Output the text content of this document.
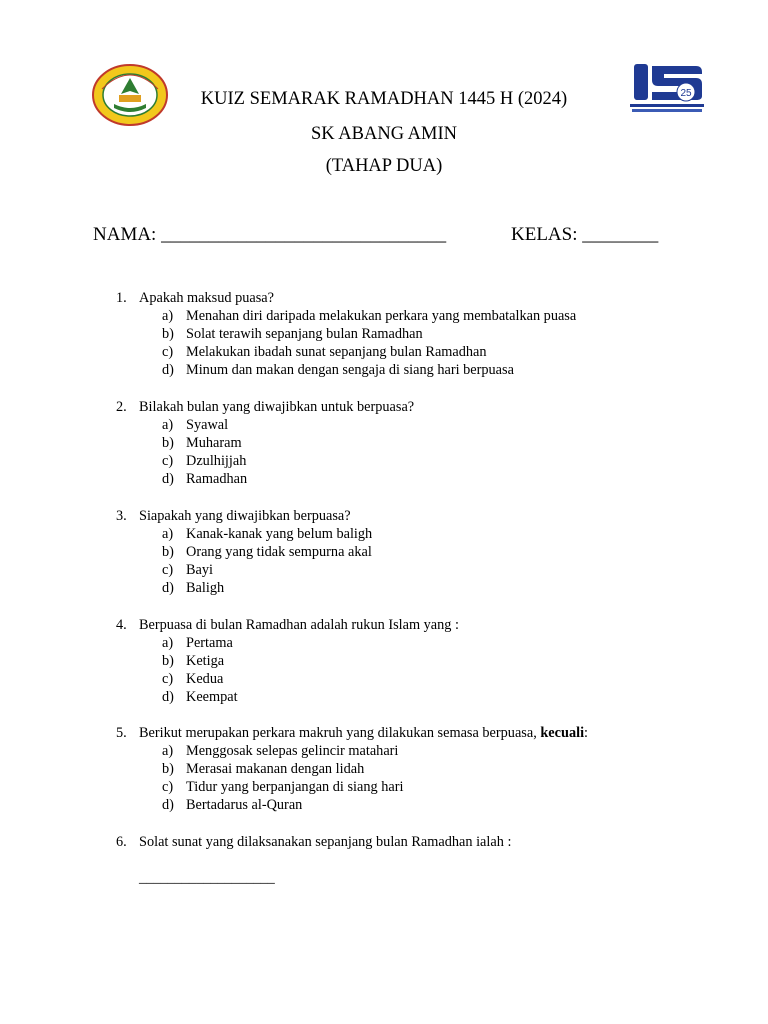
25
KUIZ SEMARAK RAMADHAN 1445 H (2024)
SK ABANG AMIN
(TAHAP DUA)
NAMA: ______________________________	KELAS: ________
1. Apakah maksud puasa?
a) Menahan diri daripada melakukan perkara yang membatalkan puasa
b) Solat terawih sepanjang bulan Ramadhan
c) Melakukan ibadah sunat sepanjang bulan Ramadhan
d) Minum dan makan dengan sengaja di siang hari berpuasa
2. Bilakah bulan yang diwajibkan untuk berpuasa?
a) Syawal
b) Muharam
c) Dzulhijjah
d) Ramadhan
3. Siapakah yang diwajibkan berpuasa?
a) Kanak-kanak yang belum baligh
b) Orang yang tidak sempurna akal
c) Bayi
d) Baligh
4. Berpuasa di bulan Ramadhan adalah rukun Islam yang :
a) Pertama
b) Ketiga
c) Kedua
d) Keempat
5. Berikut merupakan perkara makruh yang dilakukan semasa berpuasa, kecuali:
a) Menggosak selepas gelincir matahari
b) Merasai makanan dengan lidah
c) Tidur yang berpanjangan di siang hari
d) Bertadarus al-Quran
6. Solat sunat yang dilaksanakan sepanjang bulan Ramadhan ialah :
___________________
